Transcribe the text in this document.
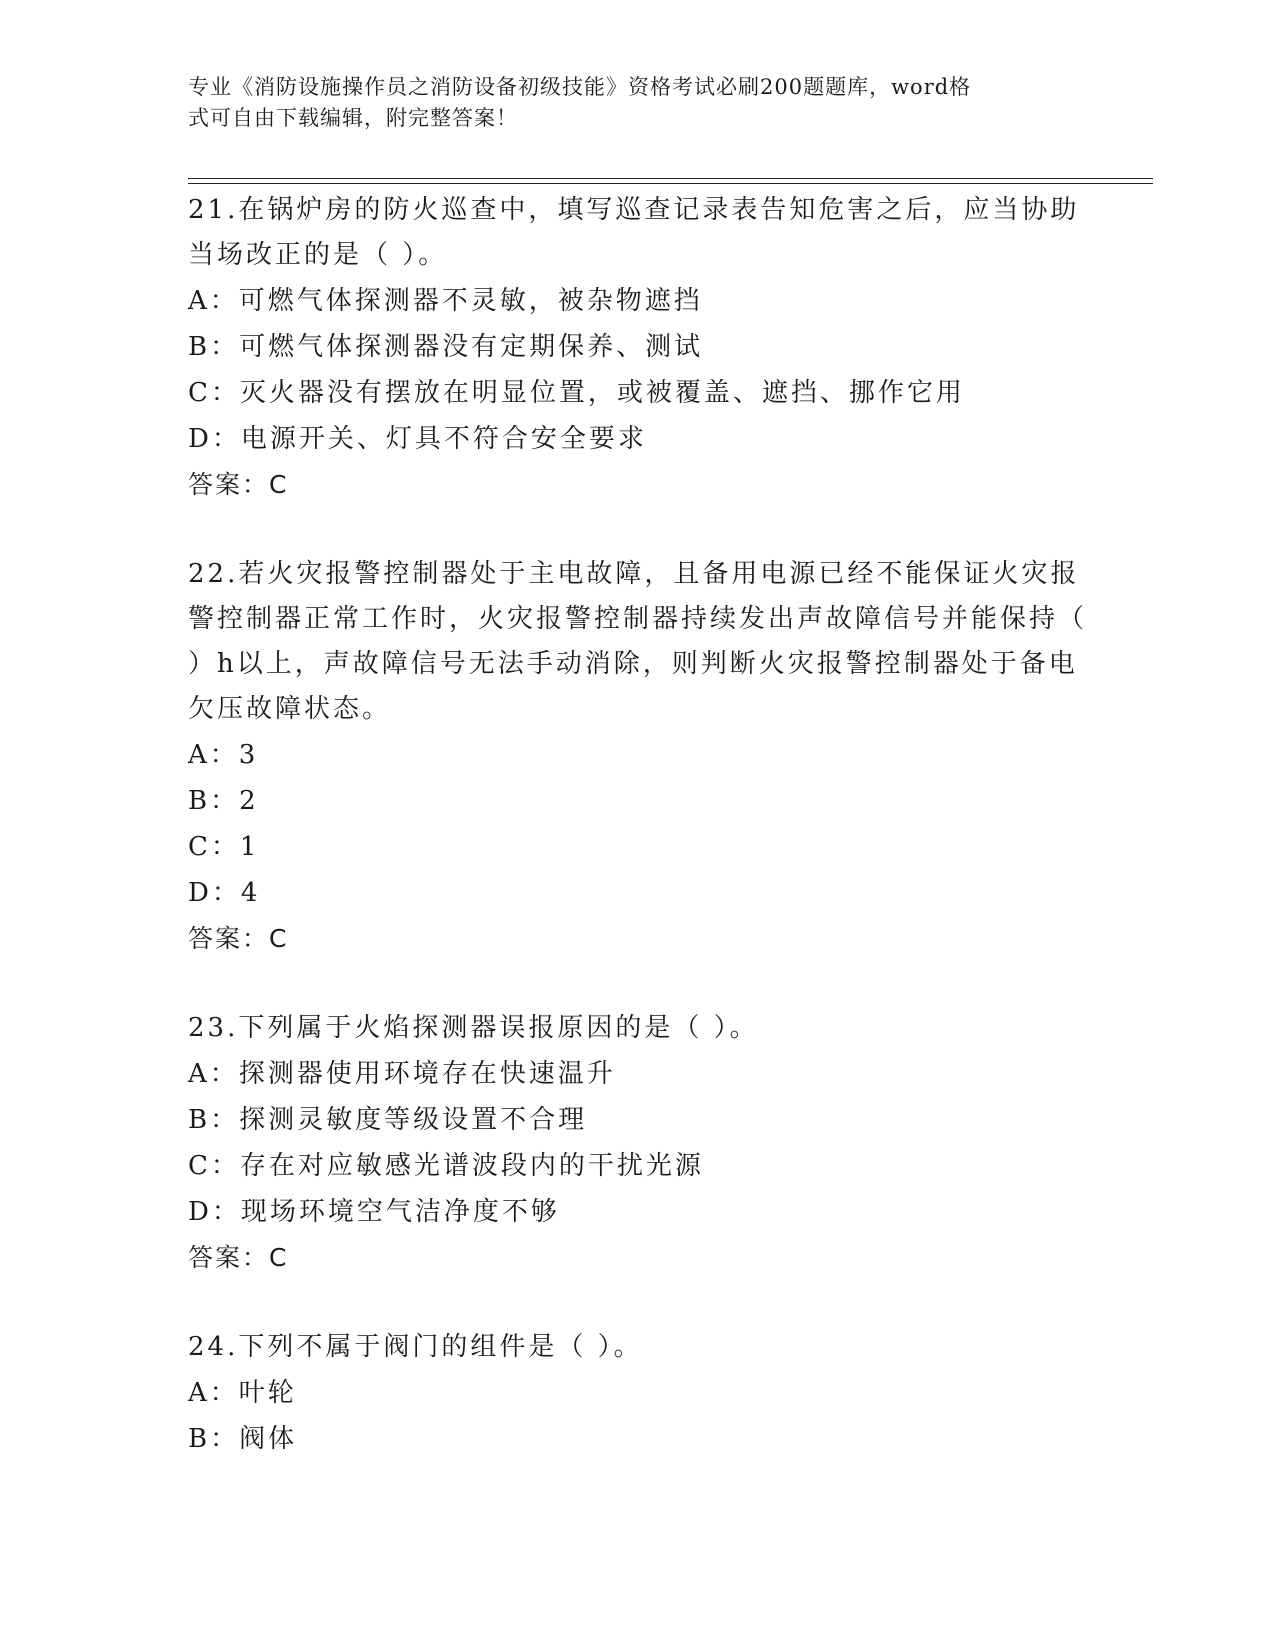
专业《消防设施操作员之消防设备初级技能》资格考试必刷200题题库，word格
式可自由下载编辑，附完整答案！
21.在锅炉房的防火巡查中，填写巡查记录表告知危害之后，应当协助当场改正的是（ ）。
A：可燃气体探测器不灵敏，被杂物遮挡
B：可燃气体探测器没有定期保养、测试
C：灭火器没有摆放在明显位置，或被覆盖、遮挡、挪作它用
D：电源开关、灯具不符合安全要求
答案：C
22.若火灾报警控制器处于主电故障，且备用电源已经不能保证火灾报警控制器正常工作时，火灾报警控制器持续发出声故障信号并能保持（ ）h以上，声故障信号无法手动消除，则判断火灾报警控制器处于备电欠压故障状态。
A：3
B：2
C：1
D：4
答案：C
23.下列属于火焰探测器误报原因的是（ ）。
A：探测器使用环境存在快速温升
B：探测灵敏度等级设置不合理
C：存在对应敏感光谱波段内的干扰光源
D：现场环境空气洁净度不够
答案：C
24.下列不属于阀门的组件是（ ）。
A：叶轮
B：阀体
